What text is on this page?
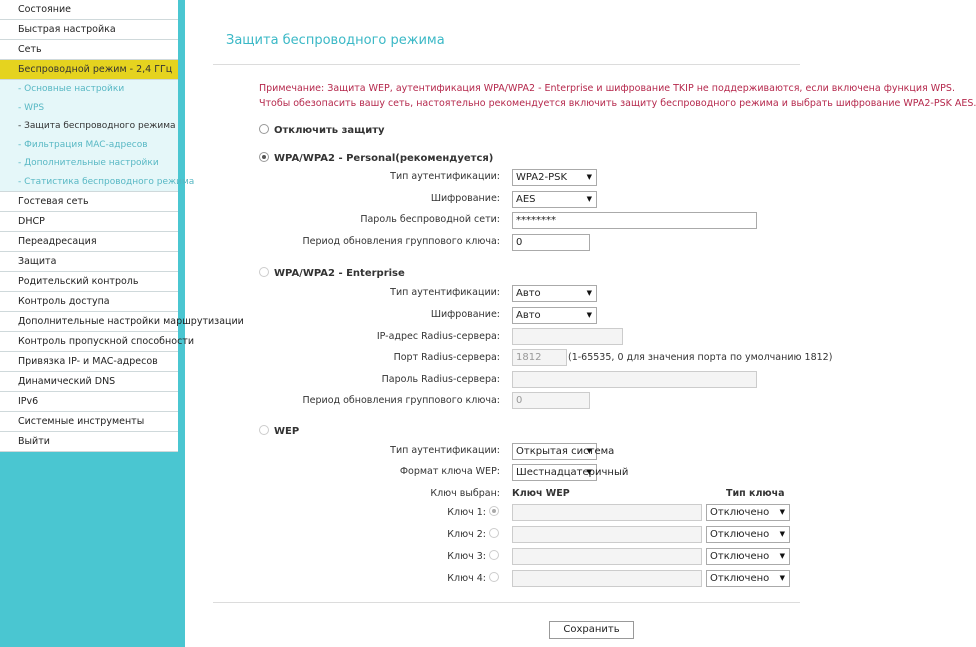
Состояние
Быстрая настройка
Сеть
Беспроводной режим - 2,4 ГГц
- Основные настройки
- WPS
- Защита беспроводного режима
- Фильтрация MAC-адресов
- Дополнительные настройки
- Статистика беспроводного режима
Гостевая сеть
DHCP
Переадресация
Защита
Родительский контроль
Контроль доступа
Дополнительные настройки маршрутизации
Контроль пропускной способности
Привязка IP- и MAC-адресов
Динамический DNS
IPv6
Системные инструменты
Выйти
Защита беспроводного режима
Примечание: Защита WEP, аутентификация WPA/WPA2 - Enterprise и шифрование TKIP не поддерживаются, если включена функция WPS.
Чтобы обезопасить вашу сеть, настоятельно рекомендуется включить защиту беспроводного режима и выбрать шифрование WPA2-PSK AES.
Отключить защиту
WPA/WPA2 - Personal(рекомендуется)
Тип аутентификации:	WPA2-PSK ▼
Шифрование:	AES ▼
Пароль беспроводной сети:	********
Период обновления группового ключа:	0
WPA/WPA2 - Enterprise
Тип аутентификации:	Авто ▼
Шифрование:	Авто ▼
IP-адрес Radius-сервера:
Порт Radius-сервера:	1812	(1-65535, 0 для значения порта по умолчанию 1812)
Пароль Radius-сервера:
Период обновления группового ключа:	0
WEP
Тип аутентификации:	Открытая система ▼
Формат ключа WEP:	Шестнадцатеричный ▼
Ключ выбран: Ключ WEP	Тип ключа
Ключ 1:	Отключено ▼
Ключ 2:	Отключено ▼
Ключ 3:	Отключено ▼
Ключ 4:	Отключено ▼
Сохранить
